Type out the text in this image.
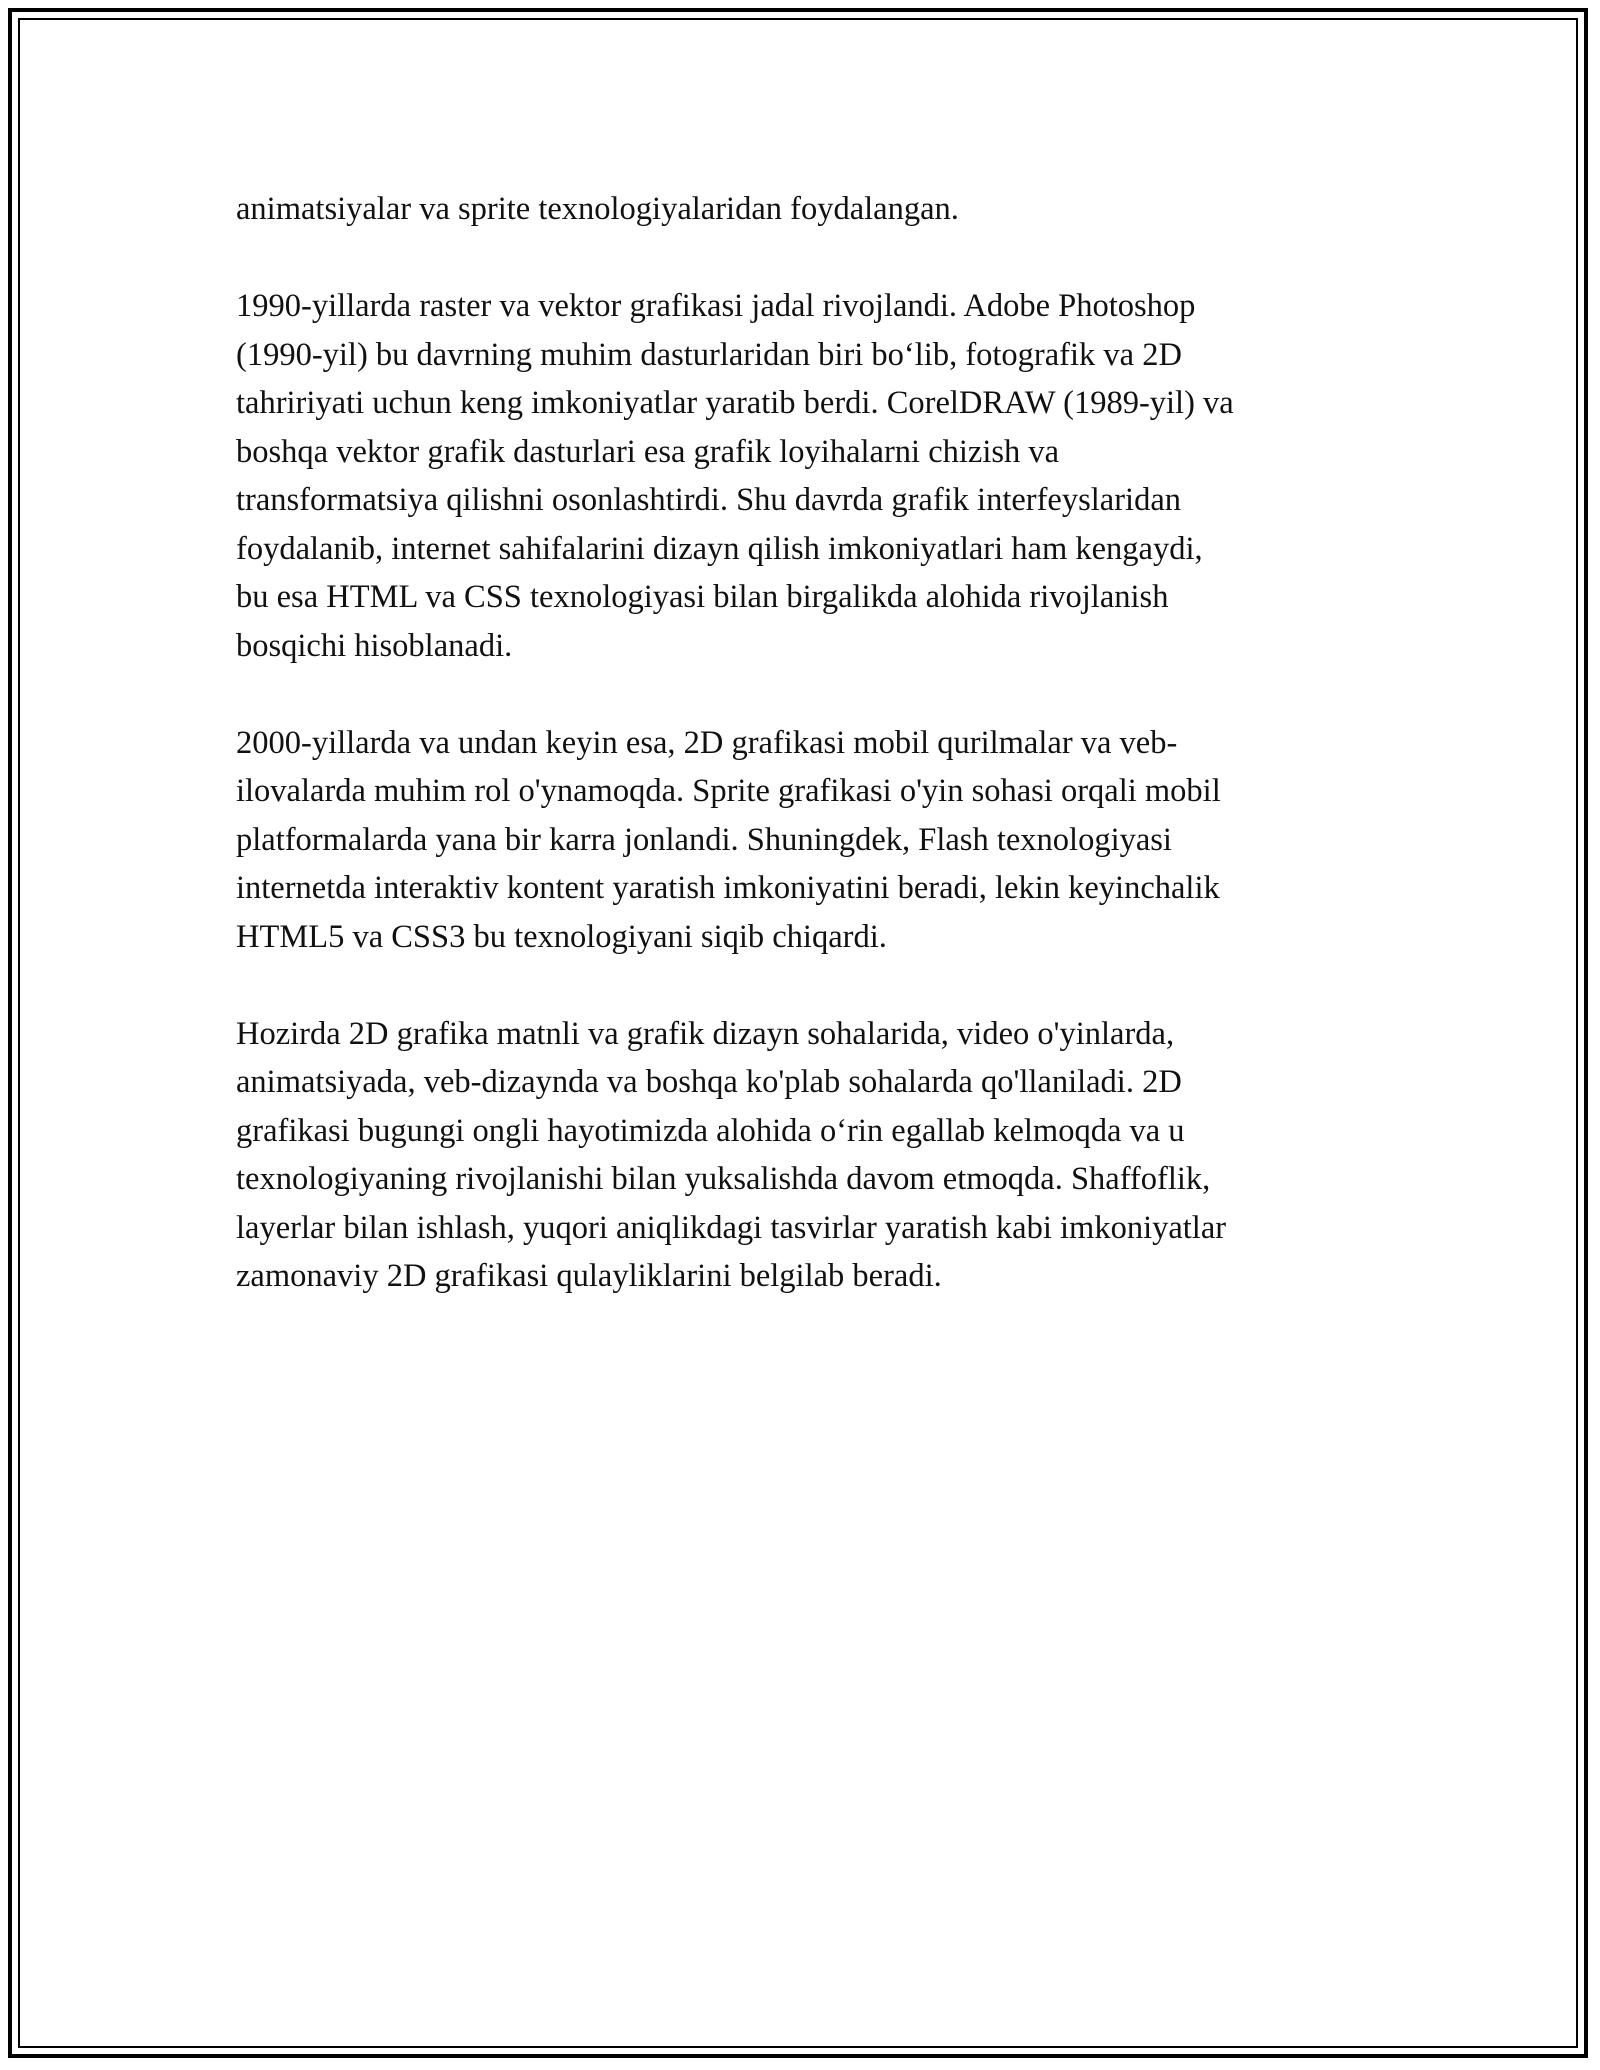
animatsiyalar va sprite texnologiyalaridan foydalangan.

1990-yillarda raster va vektor grafikasi jadal rivojlandi. Adobe Photoshop
(1990-yil) bu davrning muhim dasturlaridan biri bo‘lib, fotografik va 2D
tahririyati uchun keng imkoniyatlar yaratib berdi. CorelDRAW (1989-yil) va
boshqa vektor grafik dasturlari esa grafik loyihalarni chizish va
transformatsiya qilishni osonlashtirdi. Shu davrda grafik interfeyslaridan
foydalanib, internet sahifalarini dizayn qilish imkoniyatlari ham kengaydi,
bu esa HTML va CSS texnologiyasi bilan birgalikda alohida rivojlanish
bosqichi hisoblanadi.

2000-yillarda va undan keyin esa, 2D grafikasi mobil qurilmalar va veb-
ilovalarda muhim rol o'ynamoqda. Sprite grafikasi o'yin sohasi orqali mobil
platformalarda yana bir karra jonlandi. Shuningdek, Flash texnologiyasi
internetda interaktiv kontent yaratish imkoniyatini beradi, lekin keyinchalik
HTML5 va CSS3 bu texnologiyani siqib chiqardi.

Hozirda 2D grafika matnli va grafik dizayn sohalarida, video o'yinlarda,
animatsiyada, veb-dizaynda va boshqa ko'plab sohalarda qo'llaniladi. 2D
grafikasi bugungi ongli hayotimizda alohida o‘rin egallab kelmoqda va u
texnologiyaning rivojlanishi bilan yuksalishda davom etmoqda. Shaffoflik,
layerlar bilan ishlash, yuqori aniqlikdagi tasvirlar yaratish kabi imkoniyatlar
zamonaviy 2D grafikasi qulayliklarini belgilab beradi.
